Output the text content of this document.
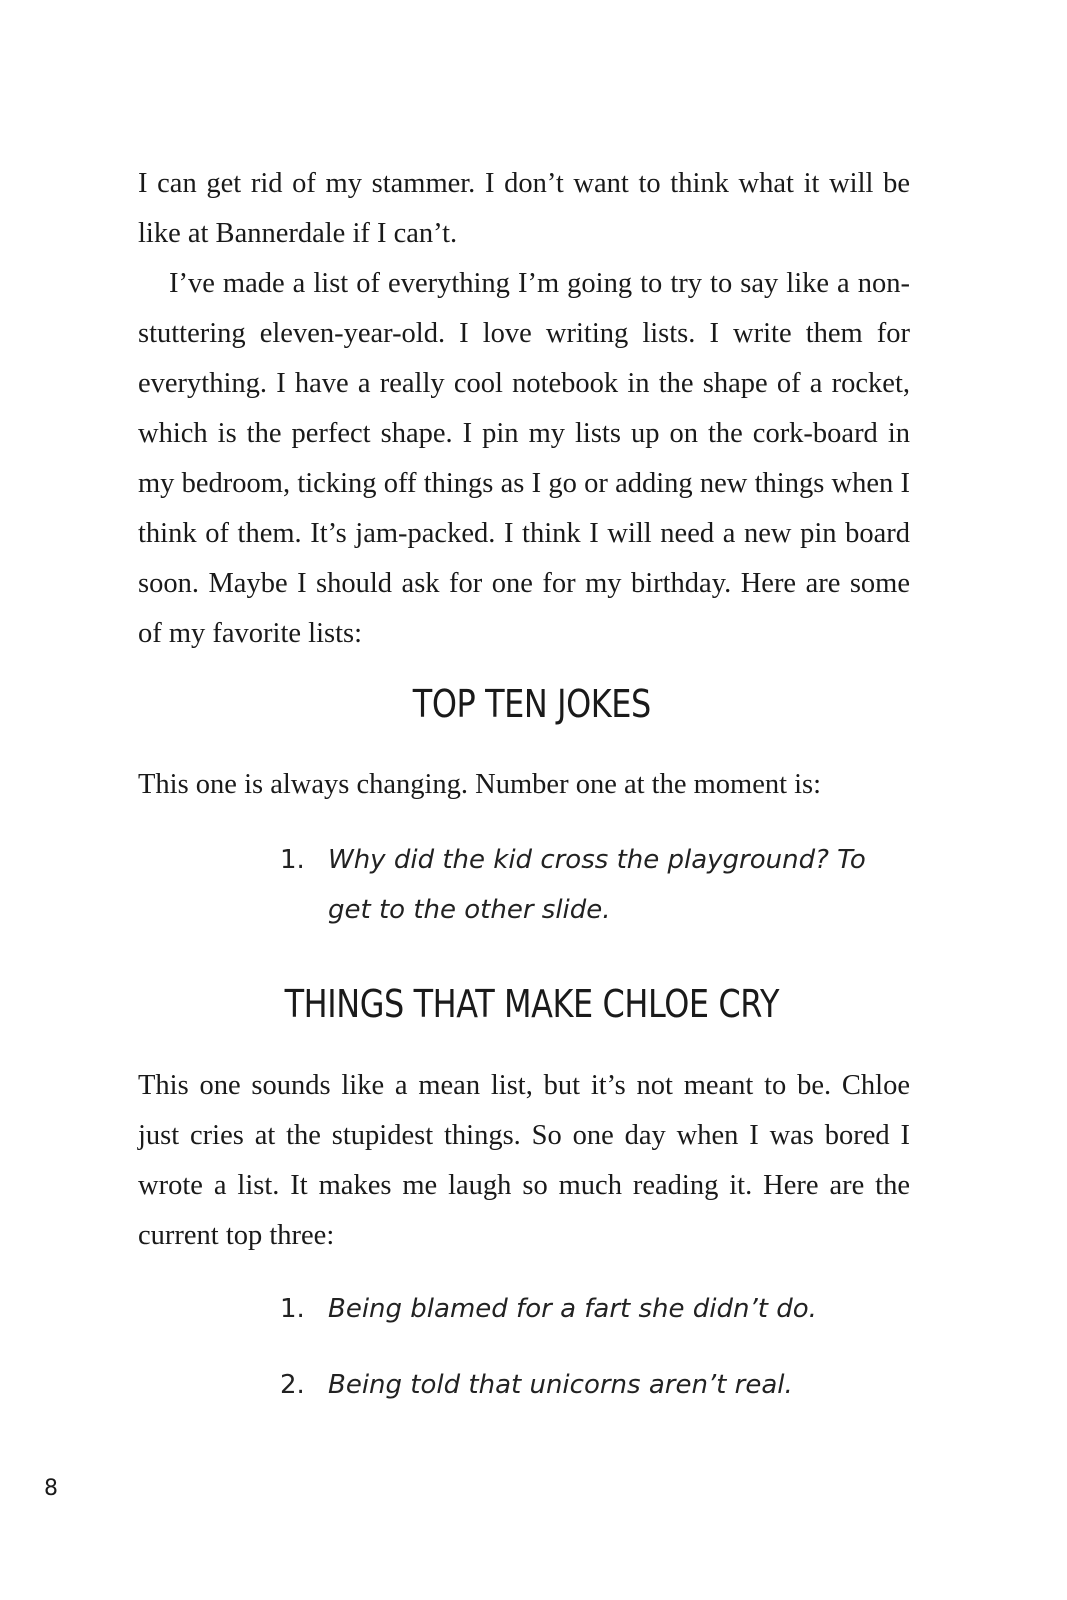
I can get rid of my stammer. I don’t want to think what it will be like at Bannerdale if I can’t.

I’ve made a list of everything I’m going to try to say like a non-stuttering eleven-year-old. I love writing lists. I write them for everything. I have a really cool notebook in the shape of a rocket, which is the perfect shape. I pin my lists up on the cork-board in my bedroom, ticking off things as I go or adding new things when I think of them. It’s jam-packed. I think I will need a new pin board soon. Maybe I should ask for one for my birthday. Here are some of my favorite lists:

TOP TEN JOKES

This one is always changing. Number one at the moment is:

1. Why did the kid cross the playground? To get to the other slide.
THINGS THAT MAKE CHLOE CRY

This one sounds like a mean list, but it’s not meant to be. Chloe just cries at the stupidest things. So one day when I was bored I wrote a list. It makes me laugh so much reading it. Here are the current top three:

1. Being blamed for a fart she didn’t do.
2. Being told that unicorns aren’t real.
8
